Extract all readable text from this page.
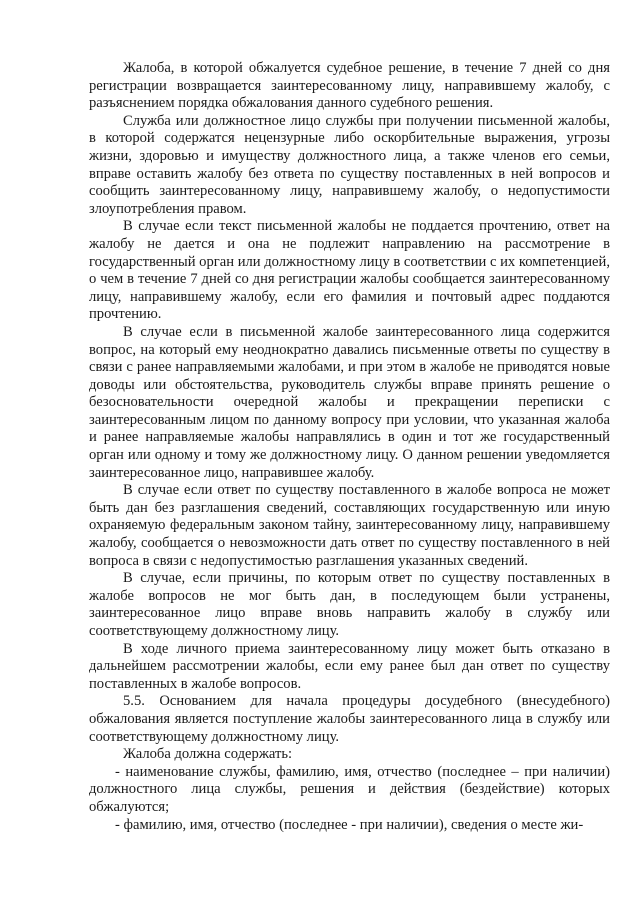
Жалоба, в которой обжалуется судебное решение, в течение 7 дней со дня регистрации возвращается заинтересованному лицу, направившему жалобу, с разъяснением порядка обжалования данного судебного решения.

Служба или должностное лицо службы при получении письменной жалобы, в которой содержатся нецензурные либо оскорбительные выражения, угрозы жизни, здоровью и имуществу должностного лица, а также членов его семьи, вправе оставить жалобу без ответа по существу поставленных в ней вопросов и сообщить заинтересованному лицу, направившему жалобу, о недопустимости злоупотребления правом.

В случае если текст письменной жалобы не поддается прочтению, ответ на жалобу не дается и она не подлежит направлению на рассмотрение в государственный орган или должностному лицу в соответствии с их компетенцией, о чем в течение 7 дней со дня регистрации жалобы сообщается заинтересованному лицу, направившему жалобу, если его фамилия и почтовый адрес поддаются прочтению.

В случае если в письменной жалобе заинтересованного лица содержится вопрос, на который ему неоднократно давались письменные ответы по существу в связи с ранее направляемыми жалобами, и при этом в жалобе не приводятся новые доводы или обстоятельства, руководитель службы вправе принять решение о безосновательности очередной жалобы и прекращении переписки с заинтересованным лицом по данному вопросу при условии, что указанная жалоба и ранее направляемые жалобы направлялись в один и тот же государственный орган или одному и тому же должностному лицу. О данном решении уведомляется заинтересованное лицо, направившее жалобу.

В случае если ответ по существу поставленного в жалобе вопроса не может быть дан без разглашения сведений, составляющих государственную или иную охраняемую федеральным законом тайну, заинтересованному лицу, направившему жалобу, сообщается о невозможности дать ответ по существу поставленного в ней вопроса в связи с недопустимостью разглашения указанных сведений.

В случае, если причины, по которым ответ по существу поставленных в жалобе вопросов не мог быть дан, в последующем были устранены, заинтересованное лицо вправе вновь направить жалобу в службу или соответствующему должностному лицу.

В ходе личного приема заинтересованному лицу может быть отказано в дальнейшем рассмотрении жалобы, если ему ранее был дан ответ по существу поставленных в жалобе вопросов.

5.5. Основанием для начала процедуры досудебного (внесудебного) обжалования является поступление жалобы заинтересованного лица в службу или соответствующему должностному лицу.

Жалоба должна содержать:

- наименование службы, фамилию, имя, отчество (последнее – при наличии) должностного лица службы, решения и действия (бездействие) которых обжалуются;

- фамилию, имя, отчество (последнее - при наличии), сведения о месте жи-
